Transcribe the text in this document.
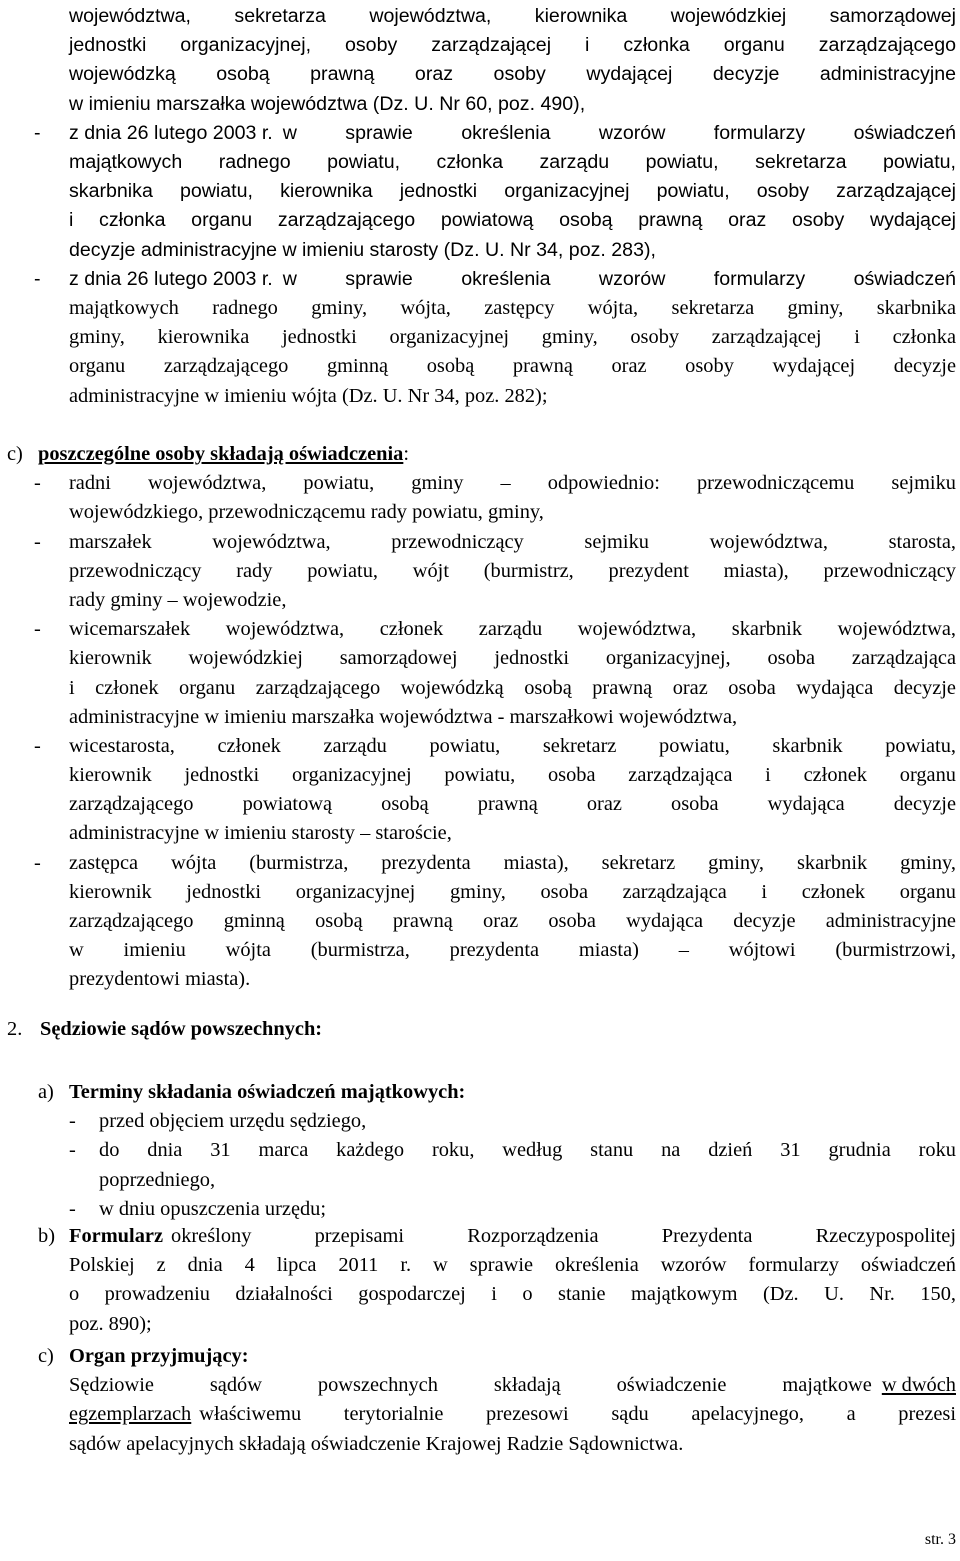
województwa, sekretarza województwa, kierownika wojewódzkiej samorządowej
jednostki organizacyjnej, osoby zarządzającej i członka organu zarządzającego
wojewódzką osobą prawną oraz osoby wydającej decyzje administracyjne
w imieniu marszałka województwa (Dz. U. Nr 60, poz. 490),
- z dnia 26 lutego 2003 r. w sprawie określenia wzorów formularzy oświadczeń
majątkowych radnego powiatu, członka zarządu powiatu, sekretarza powiatu,
skarbnika powiatu, kierownika jednostki organizacyjnej powiatu, osoby zarządzającej
i członka organu zarządzającego powiatową osobą prawną oraz osoby wydającej
decyzje administracyjne w imieniu starosty (Dz. U. Nr 34, poz. 283),
- z dnia 26 lutego 2003 r. w sprawie określenia wzorów formularzy oświadczeń
majątkowych radnego gminy, wójta, zastępcy wójta, sekretarza gminy, skarbnika
gminy, kierownika jednostki organizacyjnej gminy, osoby zarządzającej i członka
organu zarządzającego gminną osobą prawną oraz osoby wydającej decyzje
administracyjne w imieniu wójta (Dz. U. Nr 34, poz. 282);
c) poszczególne osoby składają oświadczenia:
- radni województwa, powiatu, gminy – odpowiednio: przewodniczącemu sejmiku
wojewódzkiego, przewodniczącemu rady powiatu, gminy,
- marszałek województwa, przewodniczący sejmiku województwa, starosta,
przewodniczący rady powiatu, wójt (burmistrz, prezydent miasta), przewodniczący
rady gminy – wojewodzie,
- wicemarszałek województwa, członek zarządu województwa, skarbnik województwa,
kierownik wojewódzkiej samorządowej jednostki organizacyjnej, osoba zarządzająca
i członek organu zarządzającego wojewódzką osobą prawną oraz osoba wydająca decyzje
administracyjne w imieniu marszałka województwa - marszałkowi województwa,
- wicestarosta, członek zarządu powiatu, sekretarz powiatu, skarbnik powiatu,
kierownik jednostki organizacyjnej powiatu, osoba zarządzająca i członek organu
zarządzającego powiatową osobą prawną oraz osoba wydająca decyzje
administracyjne w imieniu starosty – staroście,
- zastępca wójta (burmistrza, prezydenta miasta), sekretarz gminy, skarbnik gminy,
kierownik jednostki organizacyjnej gminy, osoba zarządzająca i członek organu
zarządzającego gminną osobą prawną oraz osoba wydająca decyzje administracyjne
w imieniu wójta (burmistrza, prezydenta miasta) – wójtowi (burmistrzowi,
prezydentowi miasta).
2. Sędziowie sądów powszechnych:
a) Terminy składania oświadczeń majątkowych:
- przed objęciem urzędu sędziego,
- do dnia 31 marca każdego roku, według stanu na dzień 31 grudnia roku
poprzedniego,
- w dniu opuszczenia urzędu;
b) Formularz określony przepisami Rozporządzenia Prezydenta Rzeczypospolitej
Polskiej z dnia 4 lipca 2011 r. w sprawie określenia wzorów formularzy oświadczeń
o prowadzeniu działalności gospodarczej i o stanie majątkowym (Dz. U. Nr. 150,
poz. 890);
c) Organ przyjmujący:
Sędziowie sądów powszechnych składają oświadczenie majątkowe w dwóch
egzemplarzach właściwemu terytorialnie prezesowi sądu apelacyjnego, a prezesi
sądów apelacyjnych składają oświadczenie Krajowej Radzie Sądownictwa.
str. 3
